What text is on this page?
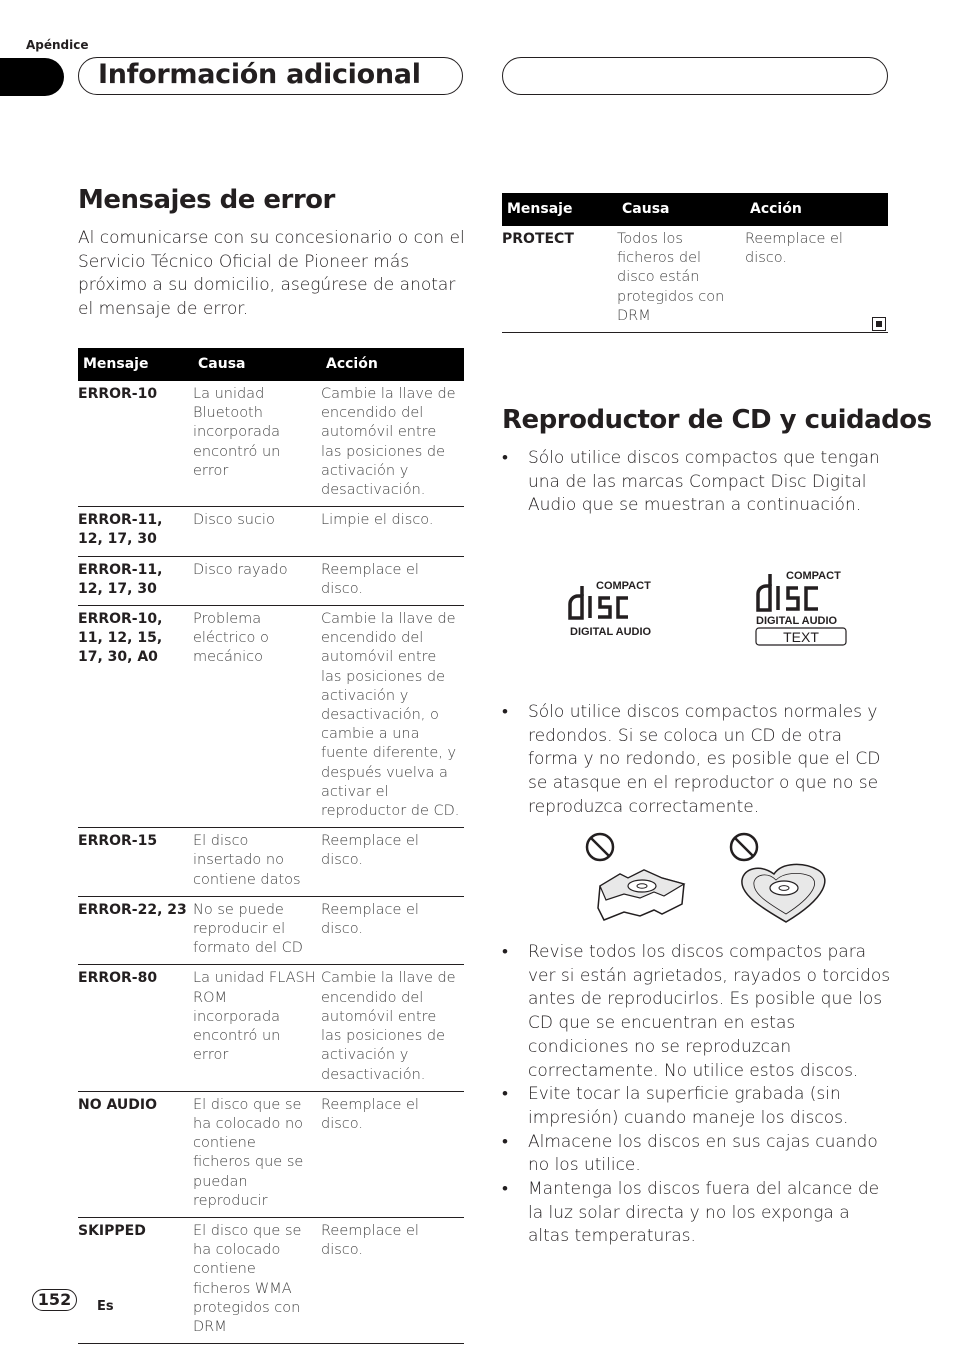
Apéndice
Información adicional
Mensajes de error
Al comunicarse con su concesionario o con el Servicio Técnico Oficial de Pioneer más próximo a su domicilio, asegúrese de anotar el mensaje de error.
Mensaje	Causa	Acción
ERROR-10	La unidad Bluetooth incorporada encontró un error	Cambie la llave de encendido del automóvil entre las posiciones de activación y desactivación.
ERROR-11, 12, 17, 30	Disco sucio	Limpie el disco.
ERROR-11, 12, 17, 30	Disco rayado	Reemplace el disco.
ERROR-10, 11, 12, 15, 17, 30, A0	Problema eléctrico o mecánico	Cambie la llave de encendido del automóvil entre las posiciones de activación y desactivación, o cambie a una fuente diferente, y después vuelva a activar el reproductor de CD.
ERROR-15	El disco insertado no contiene datos	Reemplace el disco.
ERROR-22, 23	No se puede reproducir el formato del CD	Reemplace el disco.
ERROR-80	La unidad FLASH ROM incorporada encontró un error	Cambie la llave de encendido del automóvil entre las posiciones de activación y desactivación.
NO AUDIO	El disco que se ha colocado no contiene ficheros que se puedan reproducir	Reemplace el disco.
SKIPPED	El disco que se ha colocado contiene ficheros WMA protegidos con DRM	Reemplace el disco.
Mensaje	Causa	Acción
PROTECT	Todos los ficheros del disco están protegidos con DRM	Reemplace el disco.
Reproductor de CD y cuidados
• Sólo utilice discos compactos que tengan una de las marcas Compact Disc Digital Audio que se muestran a continuación.
COMPACT
DIGITAL AUDIO
COMPACT
DIGITAL AUDIO
TEXT
• Sólo utilice discos compactos normales y redondos. Si se coloca un CD de otra forma y no redondo, es posible que el CD se atasque en el reproductor o que no se reproduzca correctamente.
• Revise todos los discos compactos para ver si están agrietados, rayados o torcidos antes de reproducirlos. Es posible que los CD que se encuentran en estas condiciones no se reproduzcan correctamente. No utilice estos discos.
• Evite tocar la superficie grabada (sin impresión) cuando maneje los discos.
• Almacene los discos en sus cajas cuando no los utilice.
• Mantenga los discos fuera del alcance de la luz solar directa y no los exponga a altas temperaturas.
152	Es
